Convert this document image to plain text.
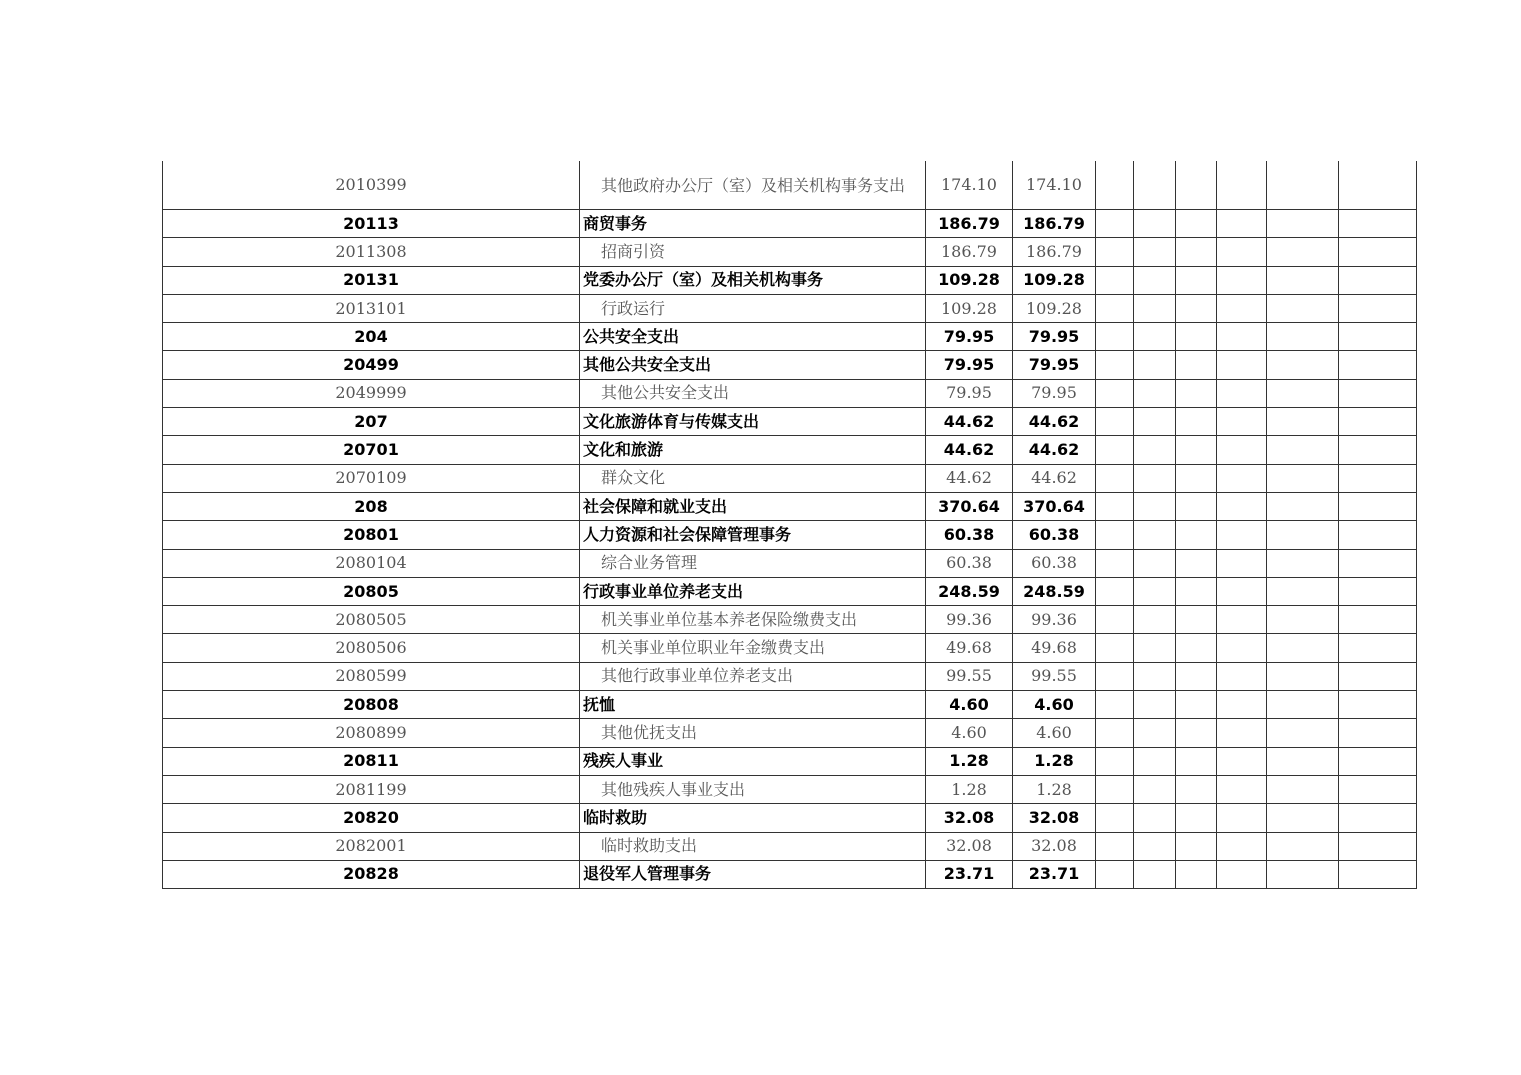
2010399	其他政府办公厅（室）及相关机构事务支出	174.10	174.10						
20113	商贸事务	186.79	186.79						
2011308	招商引资	186.79	186.79						
20131	党委办公厅（室）及相关机构事务	109.28	109.28						
2013101	行政运行	109.28	109.28						
204	公共安全支出	79.95	79.95						
20499	其他公共安全支出	79.95	79.95						
2049999	其他公共安全支出	79.95	79.95						
207	文化旅游体育与传媒支出	44.62	44.62						
20701	文化和旅游	44.62	44.62						
2070109	群众文化	44.62	44.62						
208	社会保障和就业支出	370.64	370.64						
20801	人力资源和社会保障管理事务	60.38	60.38						
2080104	综合业务管理	60.38	60.38						
20805	行政事业单位养老支出	248.59	248.59						
2080505	机关事业单位基本养老保险缴费支出	99.36	99.36						
2080506	机关事业单位职业年金缴费支出	49.68	49.68						
2080599	其他行政事业单位养老支出	99.55	99.55						
20808	抚恤	4.60	4.60						
2080899	其他优抚支出	4.60	4.60						
20811	残疾人事业	1.28	1.28						
2081199	其他残疾人事业支出	1.28	1.28						
20820	临时救助	32.08	32.08						
2082001	临时救助支出	32.08	32.08						
20828	退役军人管理事务	23.71	23.71						
